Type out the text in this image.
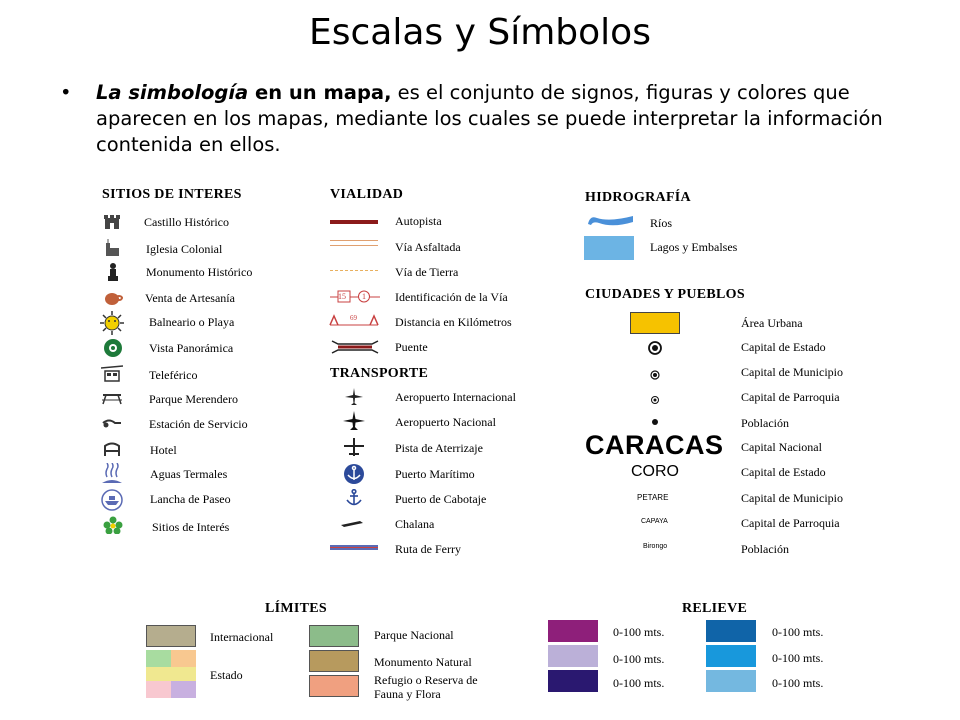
Escalas y Símbolos
• La simbología en un mapa, es el conjunto de signos, figuras y colores que aparecen en los mapas, mediante los cuales se puede interpretar la información contenida en ellos.
SITIOS DE INTERES
Castillo Histórico
Iglesia Colonial
Monumento Histórico
Venta de Artesanía
Balneario o Playa
Vista Panorámica
Teleférico
Parque Merendero
Estación de Servicio
Hotel
Aguas Termales
Lancha de Paseo
Sitios de Interés
VIALIDAD
Autopista
Vía Asfaltada
Vía de Tierra
15 1 Identificación de la Vía
69	Distancia en Kilómetros
Puente
TRANSPORTE
Aeropuerto Internacional
Aeropuerto Nacional
Pista de Aterrizaje
Puerto Marítimo
Puerto de Cabotaje
Chalana
Ruta de Ferry
HIDROGRAFÍA
Ríos
Lagos y Embalses
CIUDADES Y PUEBLOS
Área Urbana
Capital de Estado
Capital de Municipio
Capital de Parroquia
Población
CARACAS Capital Nacional
CORO	Capital de Estado
PETARE	Capital de Municipio
CAPAYA	Capital de Parroquia
Birongo	Población
LÍMITES
Internacional
Estado
Parque Nacional
Monumento Natural
Refugio o Reserva de
Fauna y Flora
RELIEVE
0-100 mts.
0-100 mts.
0-100 mts.
0-100 mts.
0-100 mts.
0-100 mts.
